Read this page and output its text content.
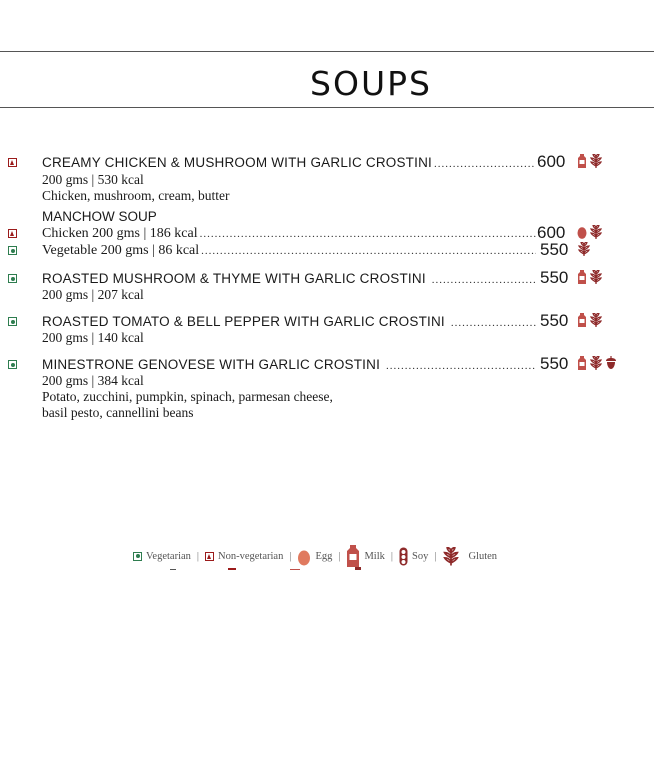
SOUPS
CREAMY CHICKEN & MUSHROOM WITH GARLIC CROSTINI .....	600
200 gms | 530 kcal
Chicken, mushroom, cream, butter
MANCHOW SOUP
Chicken 200 gms | 186 kcal .....	600
Vegetable 200 gms | 86 kcal .....	550
ROASTED MUSHROOM & THYME WITH GARLIC CROSTINI .....	550
200 gms | 207 kcal
ROASTED TOMATO & BELL PEPPER WITH GARLIC CROSTINI .....	550
200 gms | 140 kcal
MINESTRONE GENOVESE WITH GARLIC CROSTINI .....	550
200 gms | 384 kcal
Potato, zucchini, pumpkin, spinach, parmesan cheese,
basil pesto, cannellini beans
Vegetarian | Non-vegetarian | Egg | Milk | Soy |	Gluten
